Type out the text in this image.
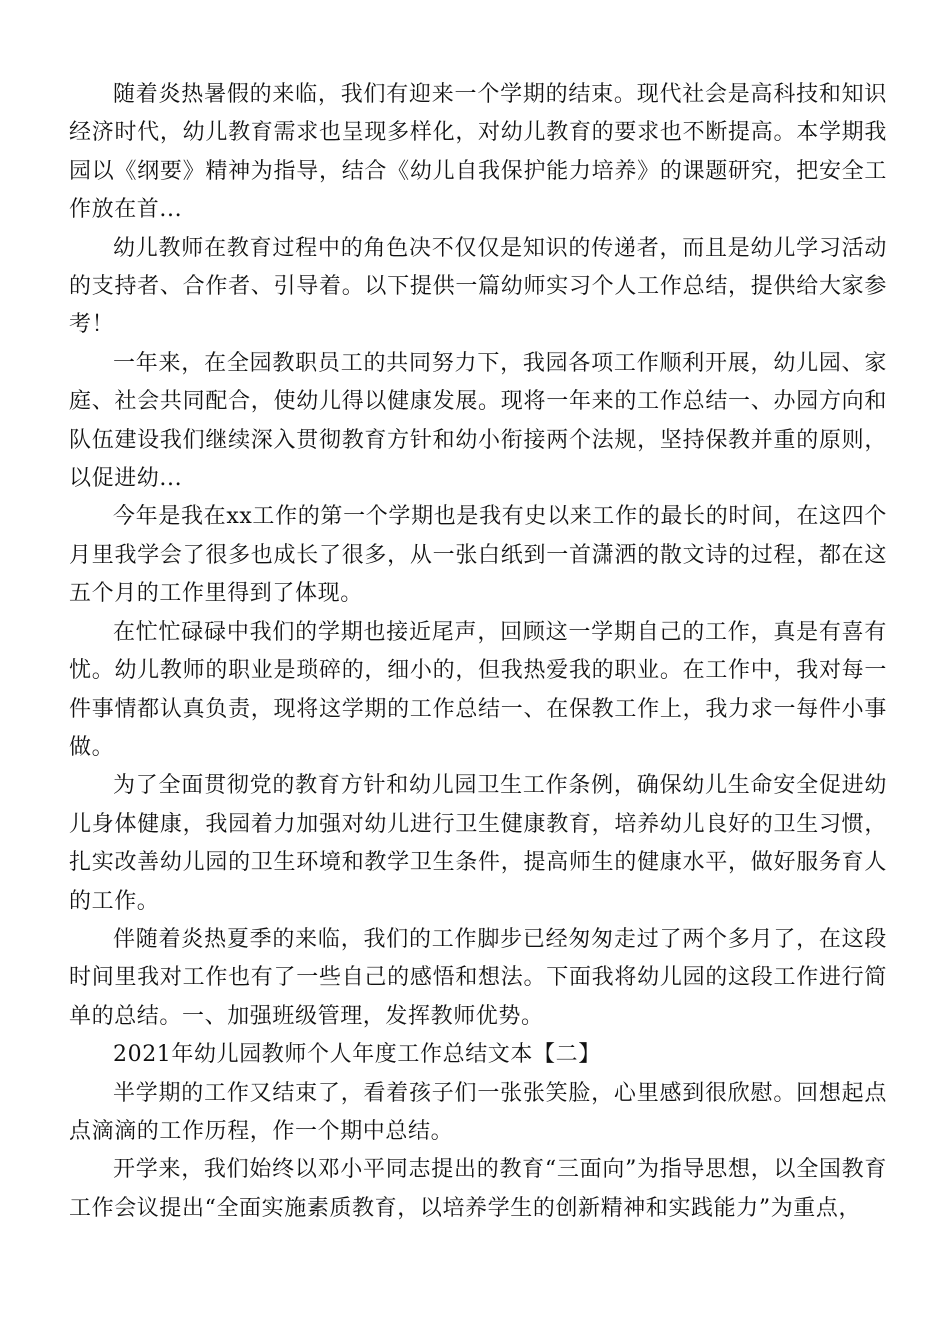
随着炎热暑假的来临，我们有迎来一个学期的结束。现代社会是高科技和知识经济时代，幼儿教育需求也呈现多样化，对幼儿教育的要求也不断提高。本学期我园以《纲要》精神为指导，结合《幼儿自我保护能力培养》的课题研究，把安全工作放在首...

幼儿教师在教育过程中的角色决不仅仅是知识的传递者，而且是幼儿学习活动的支持者、合作者、引导着。以下提供一篇幼师实习个人工作总结，提供给大家参考！

一年来，在全园教职员工的共同努力下，我园各项工作顺利开展，幼儿园、家庭、社会共同配合，使幼儿得以健康发展。现将一年来的工作总结一、办园方向和队伍建设我们继续深入贯彻教育方针和幼小衔接两个法规，坚持保教并重的原则，以促进幼...

今年是我在xx工作的第一个学期也是我有史以来工作的最长的时间，在这四个月里我学会了很多也成长了很多，从一张白纸到一首潇洒的散文诗的过程，都在这五个月的工作里得到了体现。

在忙忙碌碌中我们的学期也接近尾声，回顾这一学期自己的工作，真是有喜有忧。幼儿教师的职业是琐碎的，细小的，但我热爱我的职业。在工作中，我对每一件事情都认真负责，现将这学期的工作总结一、在保教工作上，我力求一每件小事做。

为了全面贯彻党的教育方针和幼儿园卫生工作条例，确保幼儿生命安全促进幼儿身体健康，我园着力加强对幼儿进行卫生健康教育，培养幼儿良好的卫生习惯，扎实改善幼儿园的卫生环境和教学卫生条件，提高师生的健康水平，做好服务育人的工作。

伴随着炎热夏季的来临，我们的工作脚步已经匆匆走过了两个多月了，在这段时间里我对工作也有了一些自己的感悟和想法。下面我将幼儿园的这段工作进行简单的总结。一、加强班级管理，发挥教师优势。

2021年幼儿园教师个人年度工作总结文本【二】

半学期的工作又结束了，看着孩子们一张张笑脸，心里感到很欣慰。回想起点点滴滴的工作历程，作一个期中总结。

开学来，我们始终以邓小平同志提出的教育“三面向”为指导思想，以全国教育工作会议提出“全面实施素质教育，以培养学生的创新精神和实践能力”为重点，
